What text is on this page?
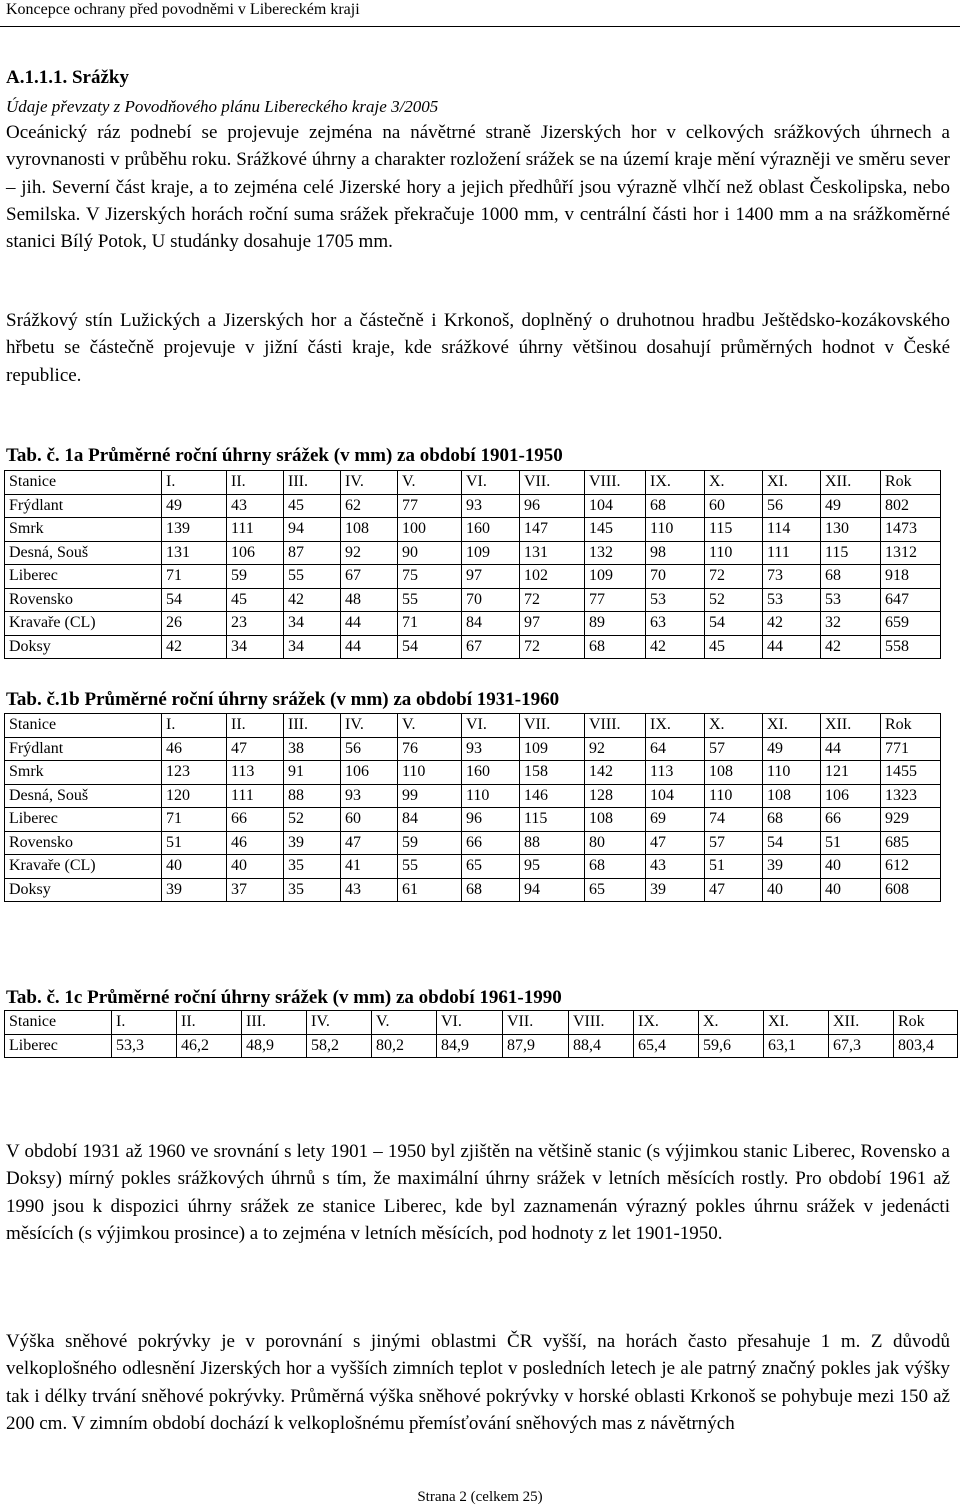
Koncepce ochrany před povodněmi v Libereckém kraji
A.1.1.1. Srážky
Údaje převzaty z Povodňového plánu Libereckého kraje 3/2005

Oceánický ráz podnebí se projevuje zejména na návětrné straně Jizerských hor v celkových srážkových úhrnech a vyrovnanosti v průběhu roku. Srážkové úhrny a charakter rozložení srážek se na území kraje mění výrazněji ve směru sever – jih. Severní část kraje, a to zejména celé Jizerské hory a jejich předhůří jsou výrazně vlhčí než oblast Českolipska, nebo Semilska. V Jizerských horách roční suma srážek překračuje 1000 mm, v centrální části hor i 1400 mm a na srážkoměrné stanici Bílý Potok, U studánky dosahuje 1705 mm.

Srážkový stín Lužických a Jizerských hor a částečně i Krkonoš, doplněný o druhotnou hradbu Ještědsko-kozákovského hřbetu se částečně projevuje v jižní části kraje, kde srážkové úhrny většinou dosahují průměrných hodnot v České republice.

Tab. č. 1a Průměrné roční úhrny srážek (v mm) za období 1901-1950
Stanice	I.	II.	III.	IV.	V.	VI.	VII.	VIII.	IX.	X.	XI.	XII.	Rok
Frýdlant	49	43	45	62	77	93	96	104	68	60	56	49	802
Smrk	139	111	94	108	100	160	147	145	110	115	114	130	1473
Desná, Souš	131	106	87	92	90	109	131	132	98	110	111	115	1312
Liberec	71	59	55	67	75	97	102	109	70	72	73	68	918
Rovensko	54	45	42	48	55	70	72	77	53	52	53	53	647
Kravaře (CL)	26	23	34	44	71	84	97	89	63	54	42	32	659
Doksy	42	34	34	44	54	67	72	68	42	45	44	42	558
Tab. č.1b Průměrné roční úhrny srážek (v mm) za období 1931-1960
Stanice	I.	II.	III.	IV.	V.	VI.	VII.	VIII.	IX.	X.	XI.	XII.	Rok
Frýdlant	46	47	38	56	76	93	109	92	64	57	49	44	771
Smrk	123	113	91	106	110	160	158	142	113	108	110	121	1455
Desná, Souš	120	111	88	93	99	110	146	128	104	110	108	106	1323
Liberec	71	66	52	60	84	96	115	108	69	74	68	66	929
Rovensko	51	46	39	47	59	66	88	80	47	57	54	51	685
Kravaře (CL)	40	40	35	41	55	65	95	68	43	51	39	40	612
Doksy	39	37	35	43	61	68	94	65	39	47	40	40	608
Tab. č. 1c Průměrné roční úhrny srážek (v mm) za období 1961-1990
Stanice	I.	II.	III.	IV.	V.	VI.	VII.	VIII.	IX.	X.	XI.	XII.	Rok
Liberec	53,3	46,2	48,9	58,2	80,2	84,9	87,9	88,4	65,4	59,6	63,1	67,3	803,4

V období 1931 až 1960 ve srovnání s lety 1901 – 1950 byl zjištěn na většině stanic (s výjimkou stanic Liberec, Rovensko a Doksy) mírný pokles srážkových úhrnů s tím, že maximální úhrny srážek v letních měsících rostly. Pro období 1961 až 1990 jsou k dispozici úhrny srážek ze stanice Liberec, kde byl zaznamenán výrazný pokles úhrnu srážek v jedenácti měsících (s výjimkou prosince) a to zejména v letních měsících, pod hodnoty z let 1901-1950.

Výška sněhové pokrývky je v porovnání s jinými oblastmi ČR vyšší, na horách často přesahuje 1 m. Z důvodů velkoplošného odlesnění Jizerských hor a vyšších zimních teplot v posledních letech je ale patrný značný pokles jak výšky tak i délky trvání sněhové pokrývky. Průměrná výška sněhové pokrývky v horské oblasti Krkonoš se pohybuje mezi 150 až 200 cm. V zimním období dochází k velkoplošnému přemísťování sněhových mas z návětrných

Strana 2 (celkem 25)
